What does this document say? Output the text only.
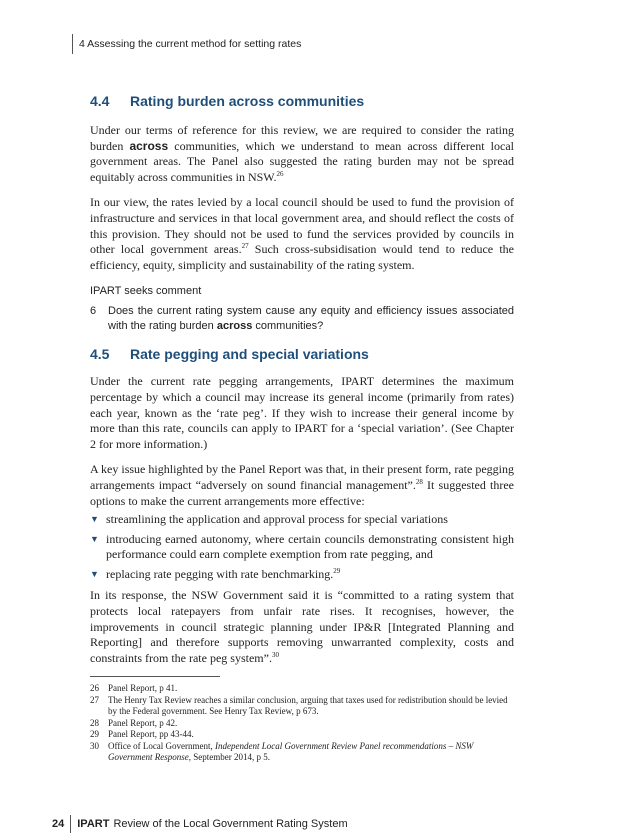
4 Assessing the current method for setting rates
4.4 Rating burden across communities

Under our terms of reference for this review, we are required to consider the rating burden across communities, which we understand to mean across different local government areas. The Panel also suggested the rating burden may not be spread equitably across communities in NSW.$^{26}$

In our view, the rates levied by a local council should be used to fund the provision of infrastructure and services in that local government area, and should reflect the costs of this provision. They should not be used to fund the services provided by councils in other local government areas.$^{27}$ Such cross-subsidisation would tend to reduce the efficiency, equity, simplicity and sustainability of the rating system.

IPART seeks comment
6	Does the current rating system cause any equity and efficiency issues associated with the rating burden across communities?
4.5 Rate pegging and special variations

Under the current rate pegging arrangements, IPART determines the maximum percentage by which a council may increase its general income (primarily from rates) each year, known as the ‘rate peg’. If they wish to increase their general income by more than this rate, councils can apply to IPART for a ‘special variation’. (See Chapter 2 for more information.)

A key issue highlighted by the Panel Report was that, in their present form, rate pegging arrangements impact “adversely on sound financial management”.$^{28}$ It suggested three options to make the current arrangements more effective:

▼ streamlining the application and approval process for special variations
▼ introducing earned autonomy, where certain councils demonstrating consistent high performance could earn complete exemption from rate pegging, and
▼ replacing rate pegging with rate benchmarking.$^{29}$

In its response, the NSW Government said it is “committed to a rating system that protects local ratepayers from unfair rate rises. It recognises, however, the improvements in council strategic planning under IP&R [Integrated Planning and Reporting] and therefore supports removing unwarranted complexity, costs and constraints from the rate peg system”.$^{30}$

26	Panel Report, p 41.
27	The Henry Tax Review reaches a similar conclusion, arguing that taxes used for redistribution should be levied by the Federal government. See Henry Tax Review, p 673.
28	Panel Report, p 42.
29	Panel Report, pp 43-44.
30	Office of Local Government, Independent Local Government Review Panel recommendations – NSW Government Response, September 2014, p 5.
24	IPART Review of the Local Government Rating System
